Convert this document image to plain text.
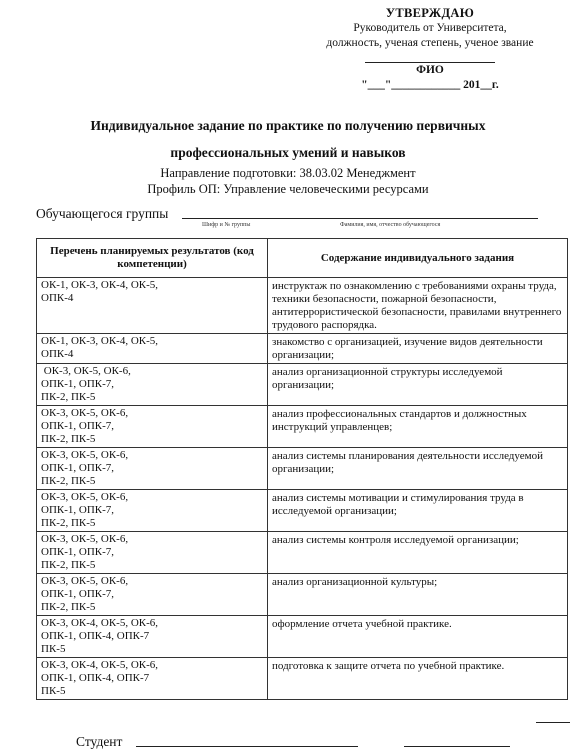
УТВЕРЖДАЮ
Руководитель от Университета,
должность, ученая степень, ученое звание
ФИО
"___"____________ 201__г.
Индивидуальное задание по практике по получению первичных
профессиональных умений и навыков
Направление подготовки: 38.03.02 Менеджмент
Профиль ОП: Управление человеческими ресурсами
Обучающегося группы
Шифр и № группы	Фамилия, имя, отчество обучающегося
Перечень планируемых результатов (код компетенции)	Содержание индивидуального задания

ОК-1, ОК-3, ОК-4, ОК-5,
ОПК-4	инструктаж по ознакомлению с требованиями охраны труда, техники безопасности, пожарной безопасности, антитеррористической безопасности, правилами внутреннего трудового распорядка.

ОК-1, ОК-3, ОК-4, ОК-5,
ОПК-4	знакомство с организацией, изучение видов деятельности организации;

ОК-3, ОК-5, ОК-6,
ОПК-1, ОПК-7,
ПК-2, ПК-5	анализ организационной структуры исследуемой организации;

ОК-3, ОК-5, ОК-6,
ОПК-1, ОПК-7,
ПК-2, ПК-5	анализ профессиональных стандартов и должностных инструкций управленцев;

ОК-3, ОК-5, ОК-6,
ОПК-1, ОПК-7,
ПК-2, ПК-5	анализ системы планирования деятельности исследуемой организации;

ОК-3, ОК-5, ОК-6,
ОПК-1, ОПК-7,
ПК-2, ПК-5	анализ системы мотивации и стимулирования труда в исследуемой организации;

ОК-3, ОК-5, ОК-6,
ОПК-1, ОПК-7,
ПК-2, ПК-5	анализ системы контроля исследуемой организации;

ОК-3, ОК-5, ОК-6,
ОПК-1, ОПК-7,
ПК-2, ПК-5	анализ организационной культуры;

ОК-3, ОК-4, ОК-5, ОК-6,
ОПК-1, ОПК-4, ОПК-7
ПК-5	оформление отчета учебной практике.

ОК-3, ОК-4, ОК-5, ОК-6,
ОПК-1, ОПК-4, ОПК-7
ПК-5	подготовка к защите отчета по учебной практике.
Студент
